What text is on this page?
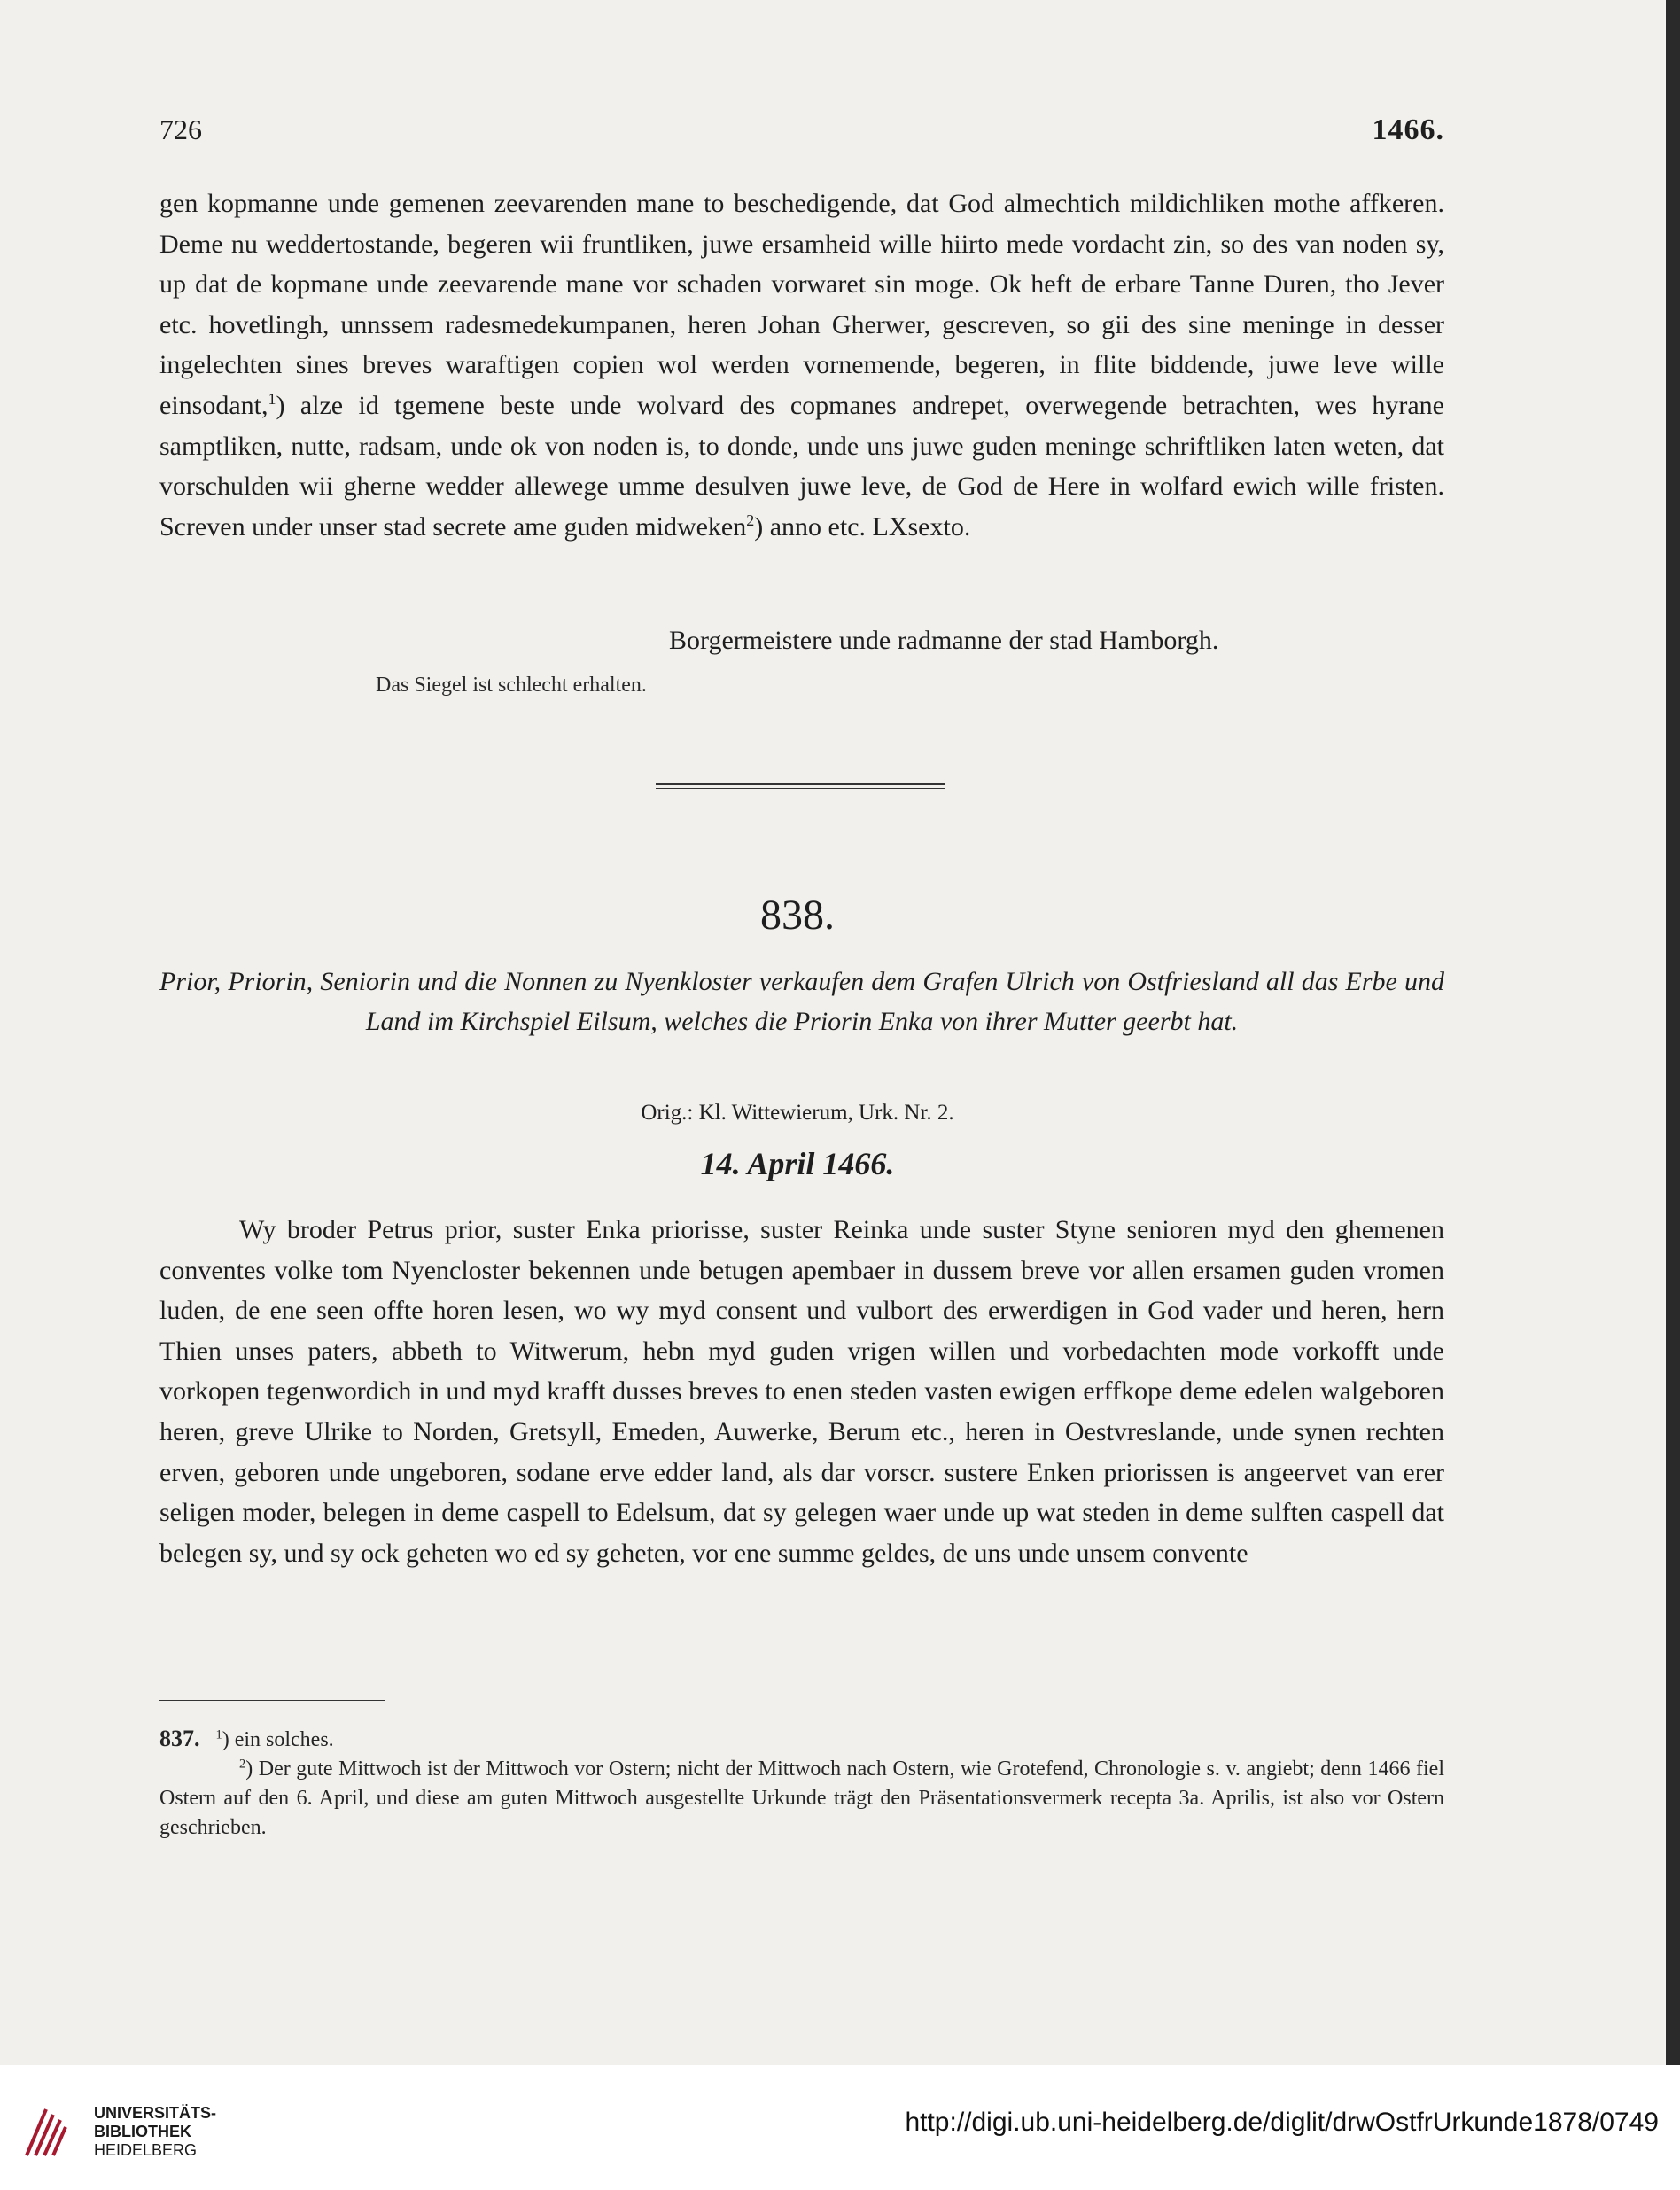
726	1466.
gen kopmanne unde gemenen zeevarenden mane to beschedigende, dat God almechtich mildichliken mothe affkeren. Deme nu weddertostande, begeren wii fruntliken, juwe ersamheid wille hiirto mede vordacht zin, so des van noden sy, up dat de kopmane unde zeevarende mane vor schaden vorwaret sin moge. Ok heft de erbare Tanne Duren, tho Jever etc. hovetlingh, unnssem radesmedekumpanen, heren Johan Gherwer, gescreven, so gii des sine meninge in desser ingelechten sines breves waraftigen copien wol werden vornemende, begeren, in flite biddende, juwe leve wille einsodant,$^1$) alze id tgemene beste unde wolvard des copmanes andrepet, overwegende betrachten, wes hyrane samptliken, nutte, radsam, unde ok von noden is, to donde, unde uns juwe guden meninge schriftliken laten weten, dat vorschulden wii gherne wedder allewege umme desulven juwe leve, de God de Here in wolfard ewich wille fristen. Screven under unser stad secrete ame guden midweken$^2$) anno etc. LXsexto.
Borgermeistere unde radmanne der stad Hamborgh.
Das Siegel ist schlecht erhalten.
838.
Prior, Priorin, Seniorin und die Nonnen zu Nyenkloster verkaufen dem Grafen Ulrich von Ostfriesland all das Erbe und Land im Kirchspiel Eilsum, welches die Priorin Enka von ihrer Mutter geerbt hat.
Orig.: Kl. Wittewierum, Urk. Nr. 2.
14. April 1466.
Wy broder Petrus prior, suster Enka priorisse, suster Reinka unde suster Styne senioren myd den ghemenen conventes volke tom Nyencloster bekennen unde betugen apembaer in dussem breve vor allen ersamen guden vromen luden, de ene seen offte horen lesen, wo wy myd consent und vulbort des erwerdigen in God vader und heren, hern Thien unses paters, abbeth to Witwerum, hebn myd guden vrigen willen und vorbedachten mode vorkofft unde vorkopen tegenwordich in und myd krafft dusses breves to enen steden vasten ewigen erffkope deme edelen walgeboren heren, greve Ulrike to Norden, Gretsyll, Emeden, Auwerke, Berum etc., heren in Oestvreslande, unde synen rechten erven, geboren unde ungeboren, sodane erve edder land, als dar vorscr. sustere Enken priorissen is angeervet van erer seligen moder, belegen in deme caspell to Edelsum, dat sy gelegen waer unde up wat steden in deme sulften caspell dat belegen sy, und sy ock geheten wo ed sy geheten, vor ene summe geldes, de uns unde unsem convente
837. $^1$) ein solches.
$^2$) Der gute Mittwoch ist der Mittwoch vor Ostern; nicht der Mittwoch nach Ostern, wie Grotefend, Chronologie s. v. angiebt; denn 1466 fiel Ostern auf den 6. April, und diese am guten Mittwoch ausgestellte Urkunde trägt den Präsentationsvermerk recepta 3a. Aprilis, ist also vor Ostern geschrieben.
UNIVERSITÄTS-
BIBLIOTHEK
HEIDELBERG
http://digi.ub.uni-heidelberg.de/diglit/drwOstfrUrkunde1878/0749
